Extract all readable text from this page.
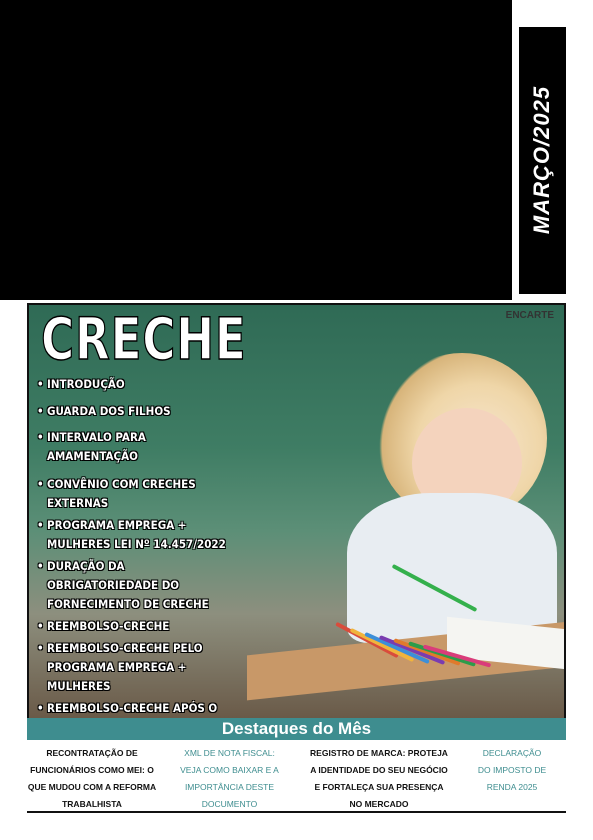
MARÇO/2025
ENCARTE
CRECHE
• INTRODUÇÃO
• GUARDA DOS FILHOS
• INTERVALO PARA AMAMENTAÇÃO
• CONVÊNIO COM CRECHES EXTERNAS
• PROGRAMA EMPREGA + MULHERES LEI Nº 14.457/2022
• DURAÇÃO DA OBRIGATORIEDADE DO FORNECIMENTO DE CRECHE
• REEMBOLSO-CRECHE
• REEMBOLSO-CRECHE PELO PROGRAMA EMPREGA + MULHERES
• REEMBOLSO-CRECHE APÓS O
Destaques do Mês
RECONTRATAÇÃO DE FUNCIONÁRIOS COMO MEI: O QUE MUDOU COM A REFORMA TRABALHISTA
XML DE NOTA FISCAL: VEJA COMO BAIXAR E A IMPORTÂNCIA DESTE DOCUMENTO
REGISTRO DE MARCA: PROTEJA A IDENTIDADE DO SEU NEGÓCIO E FORTALEÇA SUA PRESENÇA NO MERCADO
DECLARAÇÃO DO IMPOSTO DE RENDA 2025
